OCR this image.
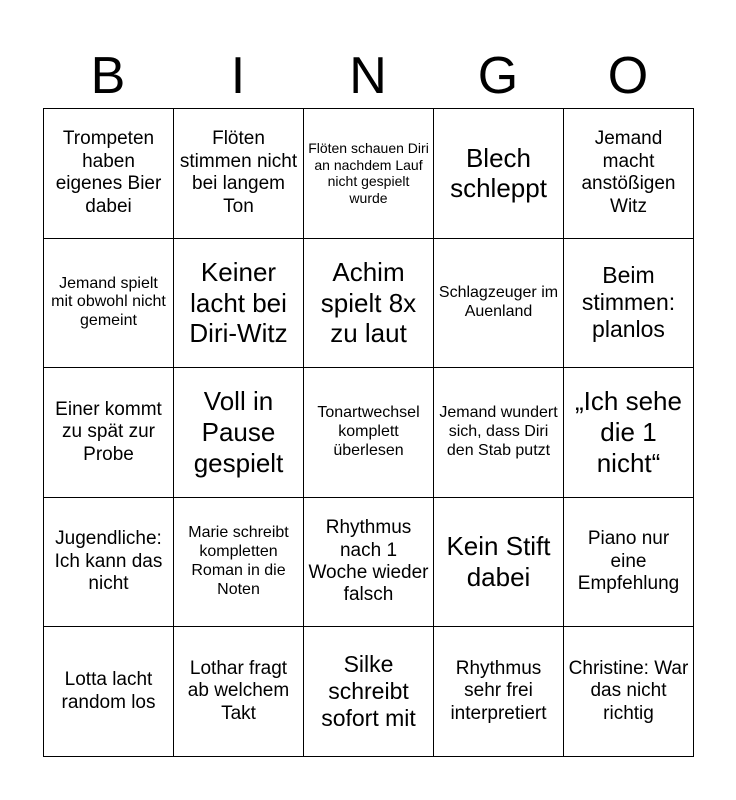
B	I	N	G	O
Trompeten haben eigenes Bier dabei	Flöten stimmen nicht bei langem Ton	Flöten schauen Diri an nachdem Lauf nicht gespielt wurde	Blech schleppt	Jemand macht anstößigen Witz
Jemand spielt mit obwohl nicht gemeint	Keiner lacht bei Diri-Witz	Achim spielt 8x zu laut	Schlagzeuger im Auenland	Beim stimmen: planlos
Einer kommt zu spät zur Probe	Voll in Pause gespielt	Tonartwechsel komplett überlesen	Jemand wundert sich, dass Diri den Stab putzt	„Ich sehe die 1 nicht“
Jugendliche: Ich kann das nicht	Marie schreibt kompletten Roman in die Noten	Rhythmus nach 1 Woche wieder falsch	Kein Stift dabei	Piano nur eine Empfehlung
Lotta lacht random los	Lothar fragt ab welchem Takt	Silke schreibt sofort mit	Rhythmus sehr frei interpretiert	Christine: War das nicht richtig
